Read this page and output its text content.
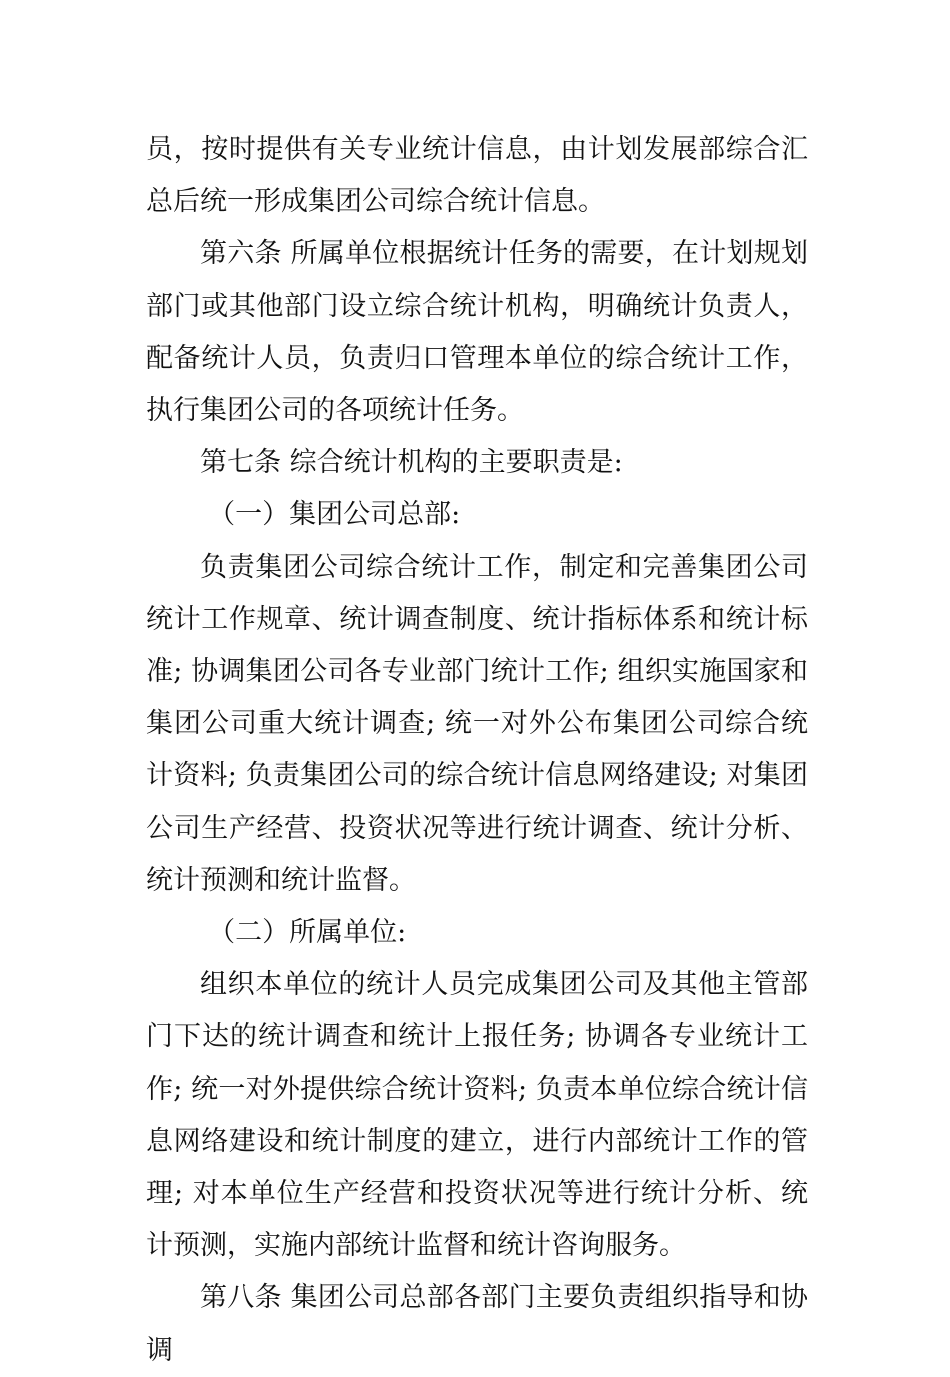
员，按时提供有关专业统计信息，由计划发展部综合汇总后统一形成集团公司综合统计信息。

第六条 所属单位根据统计任务的需要，在计划规划部门或其他部门设立综合统计机构，明确统计负责人，配备统计人员，负责归口管理本单位的综合统计工作，执行集团公司的各项统计任务。

第七条 综合统计机构的主要职责是:

（一）集团公司总部:

负责集团公司综合统计工作，制定和完善集团公司统计工作规章、统计调查制度、统计指标体系和统计标准; 协调集团公司各专业部门统计工作; 组织实施国家和集团公司重大统计调查; 统一对外公布集团公司综合统计资料; 负责集团公司的综合统计信息网络建设; 对集团公司生产经营、投资状况等进行统计调查、统计分析、统计预测和统计监督。

（二）所属单位:

组织本单位的统计人员完成集团公司及其他主管部门下达的统计调查和统计上报任务; 协调各专业统计工作; 统一对外提供综合统计资料; 负责本单位综合统计信息网络建设和统计制度的建立，进行内部统计工作的管理; 对本单位生产经营和投资状况等进行统计分析、统计预测，实施内部统计监督和统计咨询服务。

第八条 集团公司总部各部门主要负责组织指导和协调
